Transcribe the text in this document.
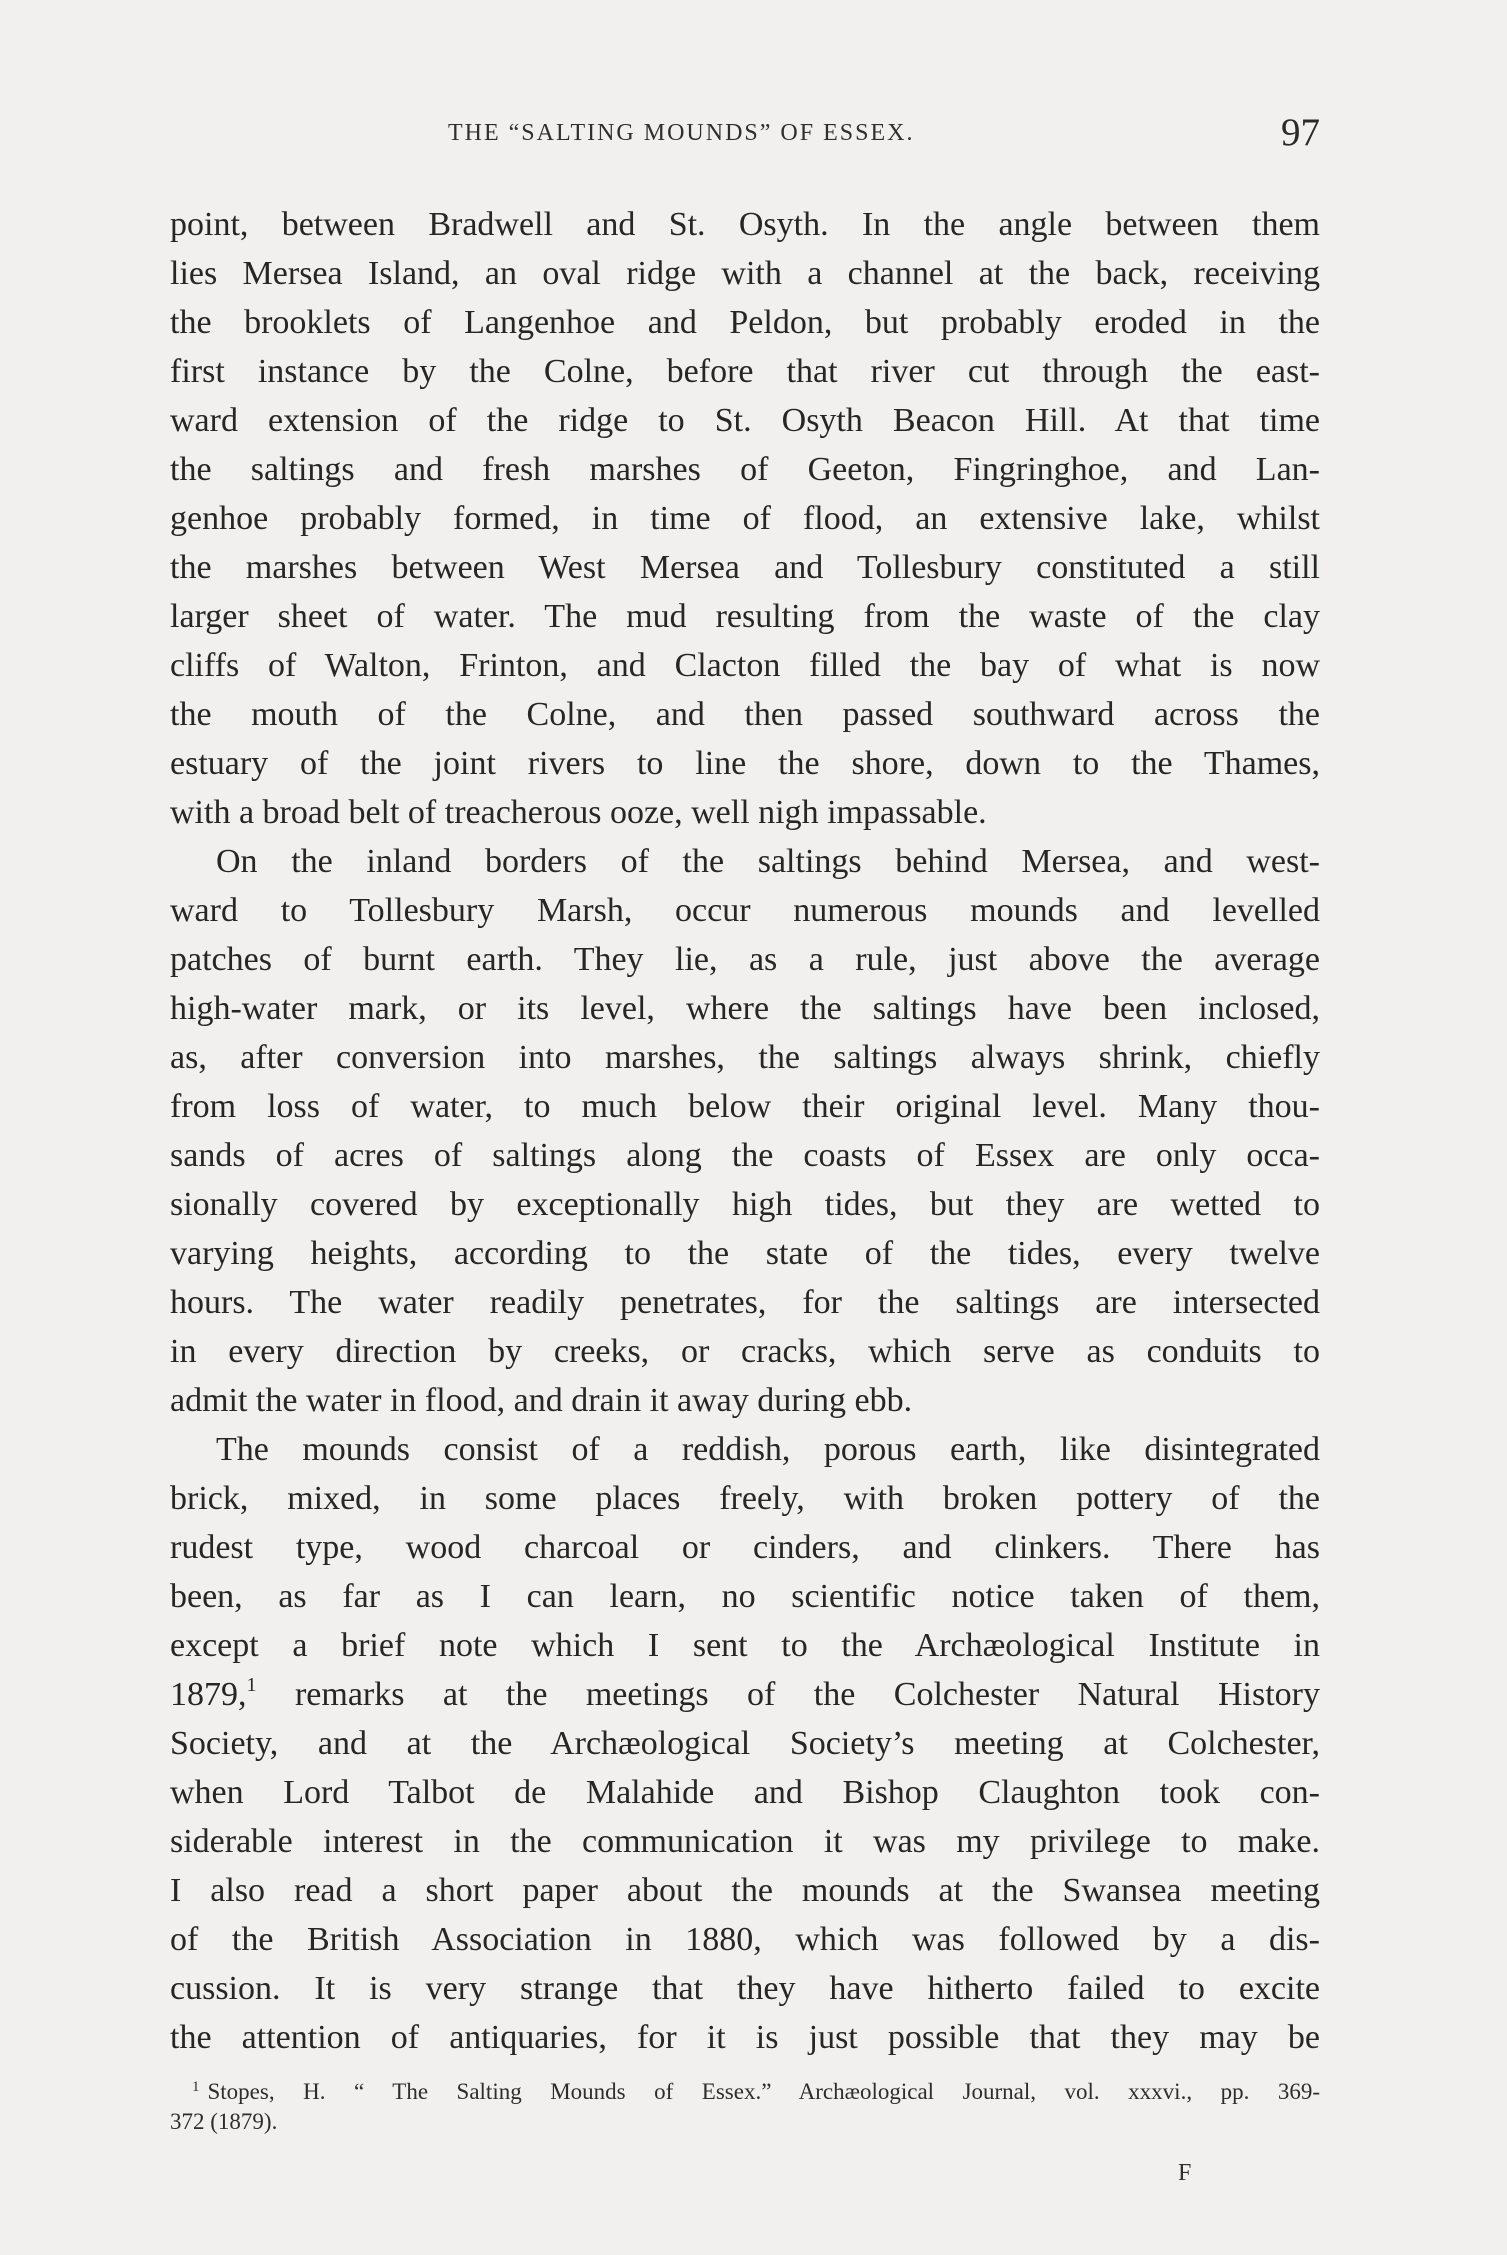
THE “SALTING MOUNDS” OF ESSEX.	97
point, between Bradwell and St. Osyth. In the angle between them
lies Mersea Island, an oval ridge with a channel at the back, receiving
the brooklets of Langenhoe and Peldon, but probably eroded in the
first instance by the Colne, before that river cut through the east-
ward extension of the ridge to St. Osyth Beacon Hill. At that time
the saltings and fresh marshes of Geeton, Fingringhoe, and Lan-
genhoe probably formed, in time of flood, an extensive lake, whilst
the marshes between West Mersea and Tollesbury constituted a still
larger sheet of water. The mud resulting from the waste of the clay
cliffs of Walton, Frinton, and Clacton filled the bay of what is now
the mouth of the Colne, and then passed southward across the
estuary of the joint rivers to line the shore, down to the Thames,
with a broad belt of treacherous ooze, well nigh impassable.
On the inland borders of the saltings behind Mersea, and west-
ward to Tollesbury Marsh, occur numerous mounds and levelled
patches of burnt earth. They lie, as a rule, just above the average
high-water mark, or its level, where the saltings have been inclosed,
as, after conversion into marshes, the saltings always shrink, chiefly
from loss of water, to much below their original level. Many thou-
sands of acres of saltings along the coasts of Essex are only occa-
sionally covered by exceptionally high tides, but they are wetted to
varying heights, according to the state of the tides, every twelve
hours. The water readily penetrates, for the saltings are intersected
in every direction by creeks, or cracks, which serve as conduits to
admit the water in flood, and drain it away during ebb.
The mounds consist of a reddish, porous earth, like disintegrated
brick, mixed, in some places freely, with broken pottery of the
rudest type, wood charcoal or cinders, and clinkers. There has
been, as far as I can learn, no scientific notice taken of them,
except a brief note which I sent to the Archæological Institute in
1879,$^1$ remarks at the meetings of the Colchester Natural History
Society, and at the Archæological Society’s meeting at Colchester,
when Lord Talbot de Malahide and Bishop Claughton took con-
siderable interest in the communication it was my privilege to make.
I also read a short paper about the mounds at the Swansea meeting
of the British Association in 1880, which was followed by a dis-
cussion. It is very strange that they have hitherto failed to excite
the attention of antiquaries, for it is just possible that they may be
$^1$ Stopes, H. “ The Salting Mounds of Essex.” Archæological Journal, vol. xxxvi., pp. 369-
372 (1879).
F
